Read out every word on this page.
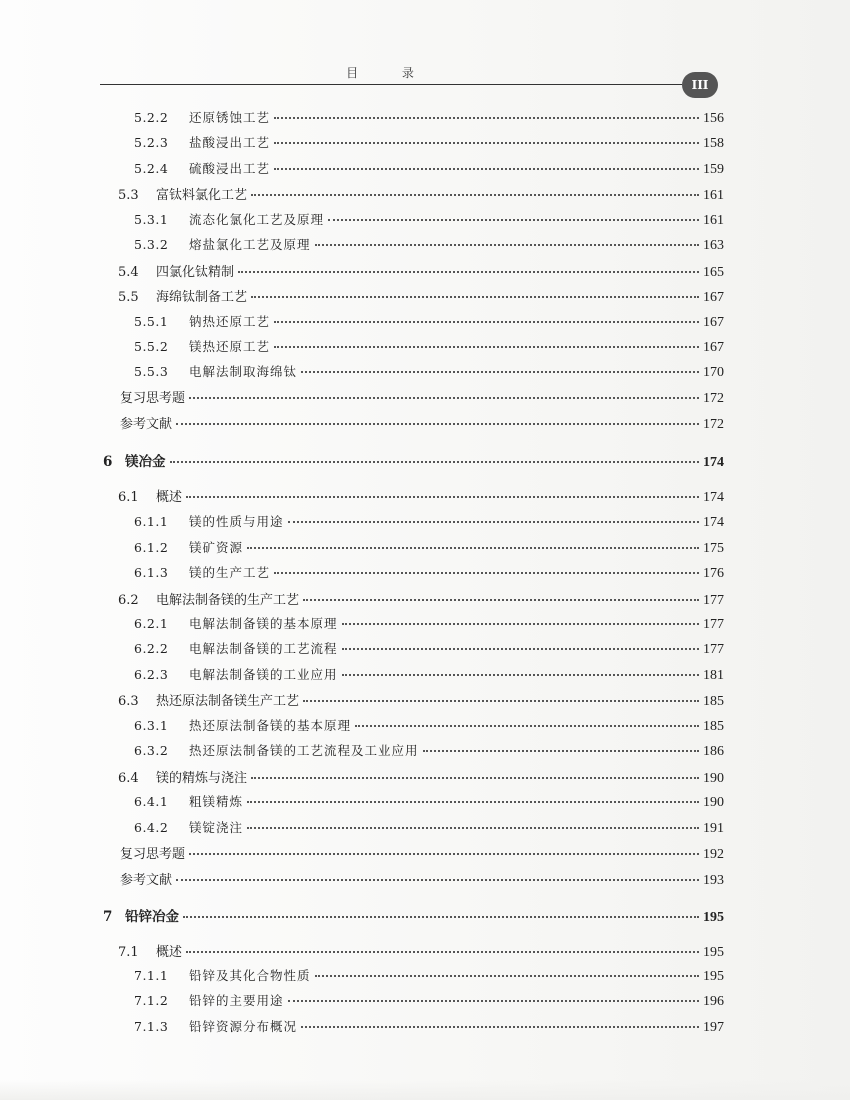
目 录
III
5.2.2	还原锈蚀工艺	156
5.2.3	盐酸浸出工艺	158
5.2.4	硫酸浸出工艺	159
5.3	富钛料氯化工艺	161
5.3.1	流态化氯化工艺及原理	161
5.3.2	熔盐氯化工艺及原理	163
5.4	四氯化钛精制	165
5.5	海绵钛制备工艺	167
5.5.1	钠热还原工艺	167
5.5.2	镁热还原工艺	167
5.5.3	电解法制取海绵钛	170
复习思考题	172
参考文献	172
6 镁冶金	174
6.1	概述	174
6.1.1	镁的性质与用途	174
6.1.2	镁矿资源	175
6.1.3	镁的生产工艺	176
6.2	电解法制备镁的生产工艺	177
6.2.1	电解法制备镁的基本原理	177
6.2.2	电解法制备镁的工艺流程	177
6.2.3	电解法制备镁的工业应用	181
6.3	热还原法制备镁生产工艺	185
6.3.1	热还原法制备镁的基本原理	185
6.3.2	热还原法制备镁的工艺流程及工业应用	186
6.4	镁的精炼与浇注	190
6.4.1	粗镁精炼	190
6.4.2	镁锭浇注	191
复习思考题	192
参考文献	193
7 铅锌冶金	195
7.1	概述	195
7.1.1	铅锌及其化合物性质	195
7.1.2	铅锌的主要用途	196
7.1.3	铅锌资源分布概况	197
